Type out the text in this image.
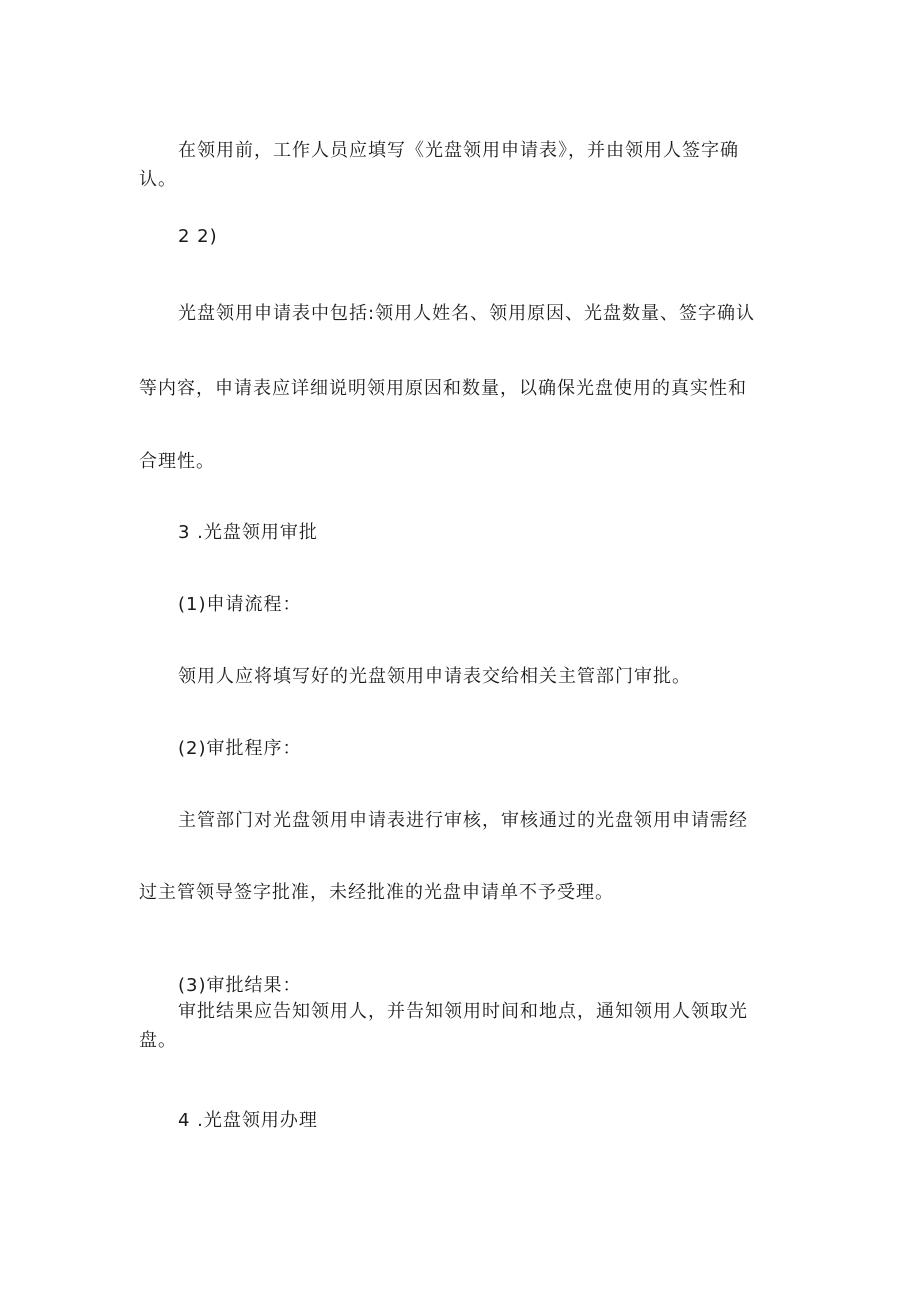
在领用前，工作人员应填写《光盘领用申请表》，并由领用人签字确
认。
2 2)
光盘领用申请表中包括:领用人姓名、领用原因、光盘数量、签字确认
等内容，申请表应详细说明领用原因和数量，以确保光盘使用的真实性和
合理性。
3 .光盘领用审批
(1)申请流程：
领用人应将填写好的光盘领用申请表交给相关主管部门审批。
(2)审批程序：
主管部门对光盘领用申请表进行审核，审核通过的光盘领用申请需经
过主管领导签字批准，未经批准的光盘申请单不予受理。
(3)审批结果：
审批结果应告知领用人，并告知领用时间和地点，通知领用人领取光
盘。
4 .光盘领用办理
